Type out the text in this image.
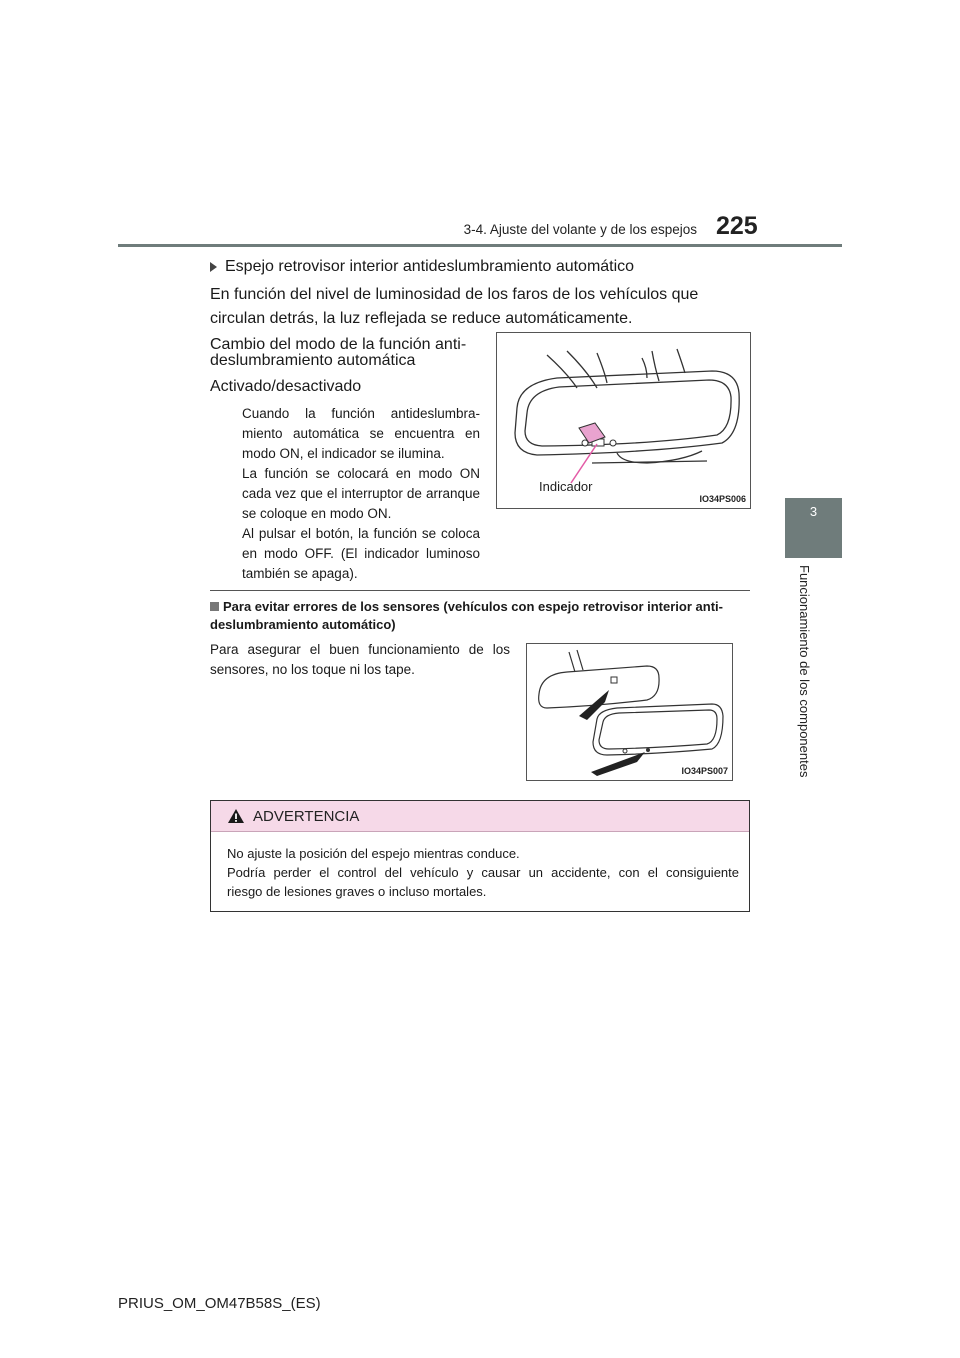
3-4. Ajuste del volante y de los espejos 225
3
Funcionamiento de los componentes
Espejo retrovisor interior antideslumbramiento automático
En función del nivel de luminosidad de los faros de los vehículos que circulan detrás, la luz reflejada se reduce automáticamente.
Cambio del modo de la función anti-
deslumbramiento automática
Activado/desactivado
Cuando la función antideslumbra-
miento automática se encuentra en
modo ON, el indicador se ilumina.
La función se colocará en modo ON
cada vez que el interruptor de arranque
se coloque en modo ON.
Al pulsar el botón, la función se coloca
en modo OFF. (El indicador luminoso
también se apaga).
Indicador
IO34PS006
Para evitar errores de los sensores (vehículos con espejo retrovisor interior anti-
deslumbramiento automático)
Para asegurar el buen funcionamiento de los
sensores, no los toque ni los tape.
IO34PS007
ADVERTENCIA
No ajuste la posición del espejo mientras conduce.
Podría perder el control del vehículo y causar un accidente, con el consiguiente
riesgo de lesiones graves o incluso mortales.
PRIUS_OM_OM47B58S_(ES)
